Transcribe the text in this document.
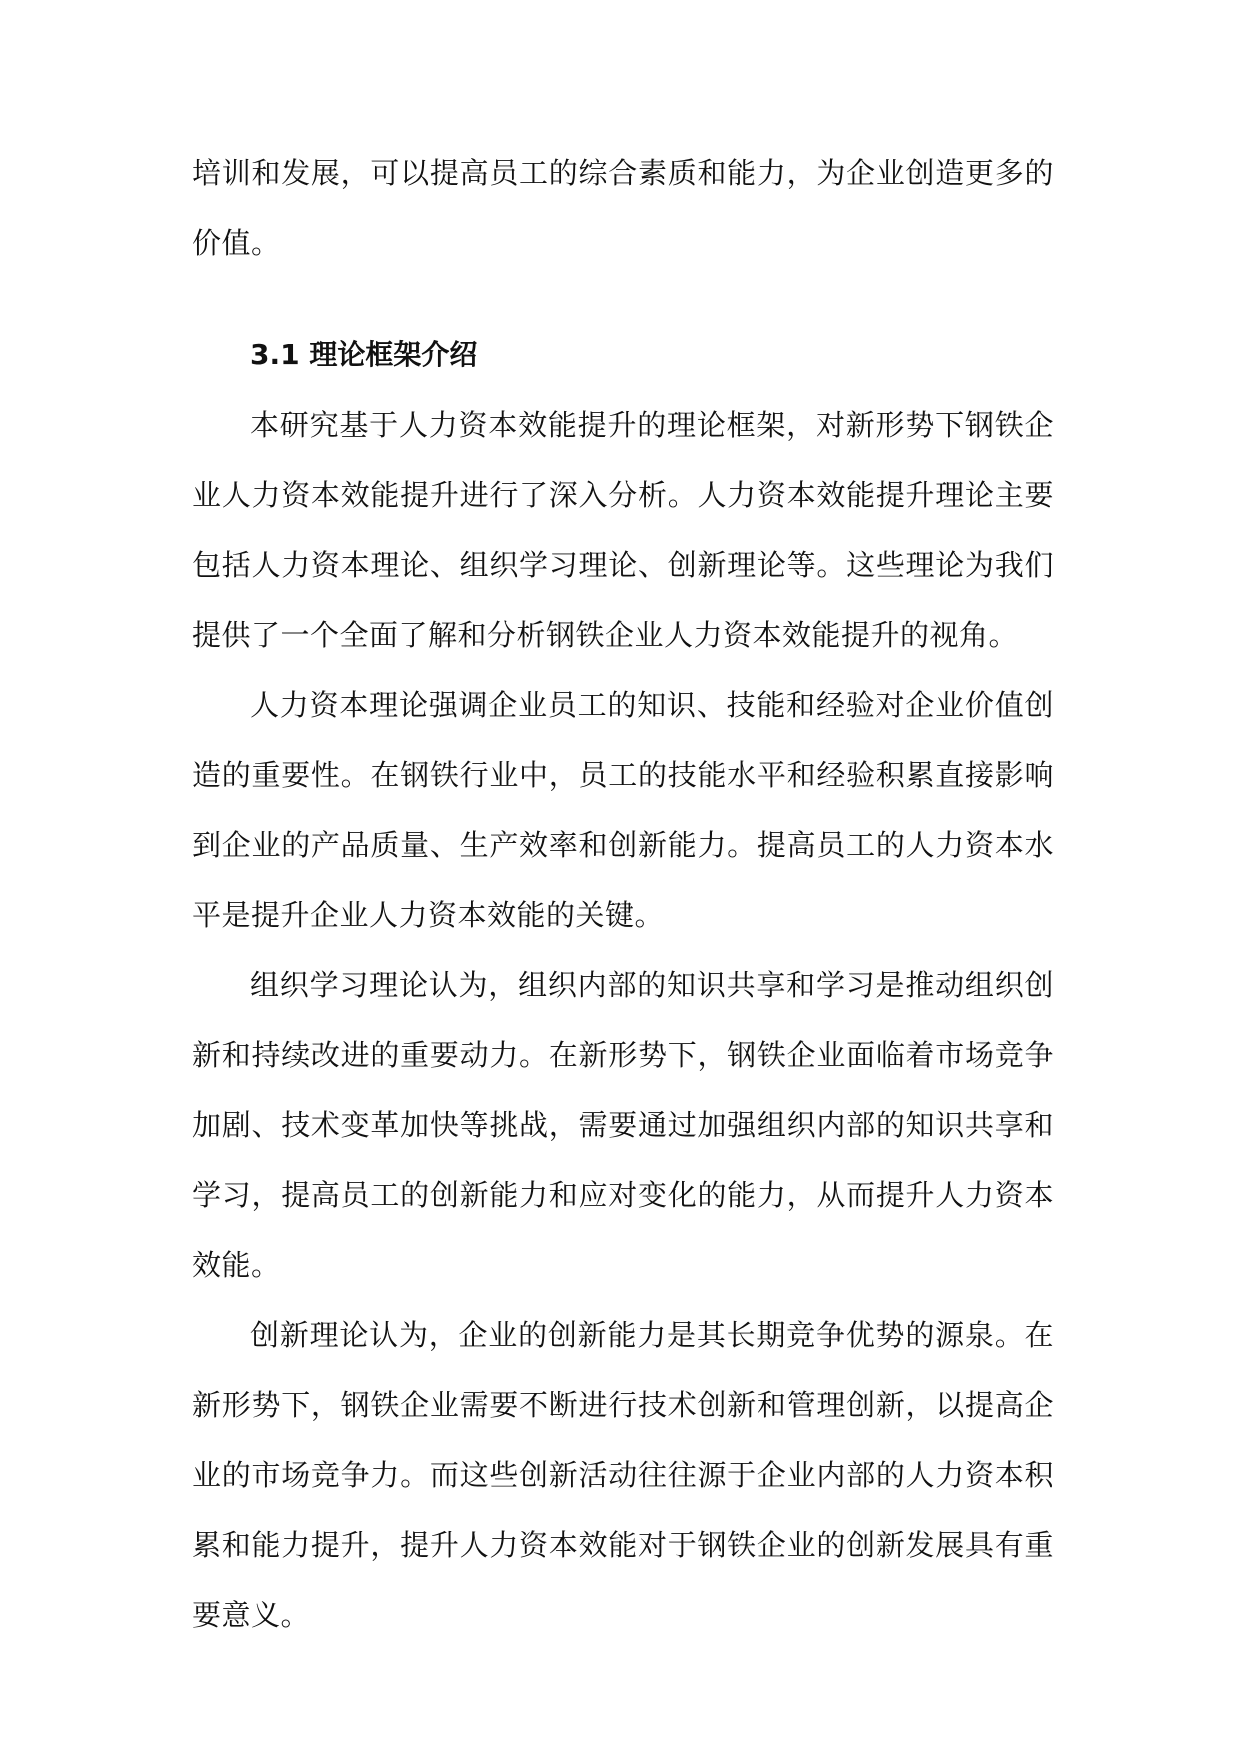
培训和发展，可以提高员工的综合素质和能力，为企业创造更多的价值。

3.1 理论框架介绍

本研究基于人力资本效能提升的理论框架，对新形势下钢铁企业人力资本效能提升进行了深入分析。人力资本效能提升理论主要包括人力资本理论、组织学习理论、创新理论等。这些理论为我们提供了一个全面了解和分析钢铁企业人力资本效能提升的视角。

人力资本理论强调企业员工的知识、技能和经验对企业价值创造的重要性。在钢铁行业中，员工的技能水平和经验积累直接影响到企业的产品质量、生产效率和创新能力。提高员工的人力资本水平是提升企业人力资本效能的关键。

组织学习理论认为，组织内部的知识共享和学习是推动组织创新和持续改进的重要动力。在新形势下，钢铁企业面临着市场竞争加剧、技术变革加快等挑战，需要通过加强组织内部的知识共享和学习，提高员工的创新能力和应对变化的能力，从而提升人力资本效能。

创新理论认为，企业的创新能力是其长期竞争优势的源泉。在新形势下，钢铁企业需要不断进行技术创新和管理创新，以提高企业的市场竞争力。而这些创新活动往往源于企业内部的人力资本积累和能力提升，提升人力资本效能对于钢铁企业的创新发展具有重要意义。
